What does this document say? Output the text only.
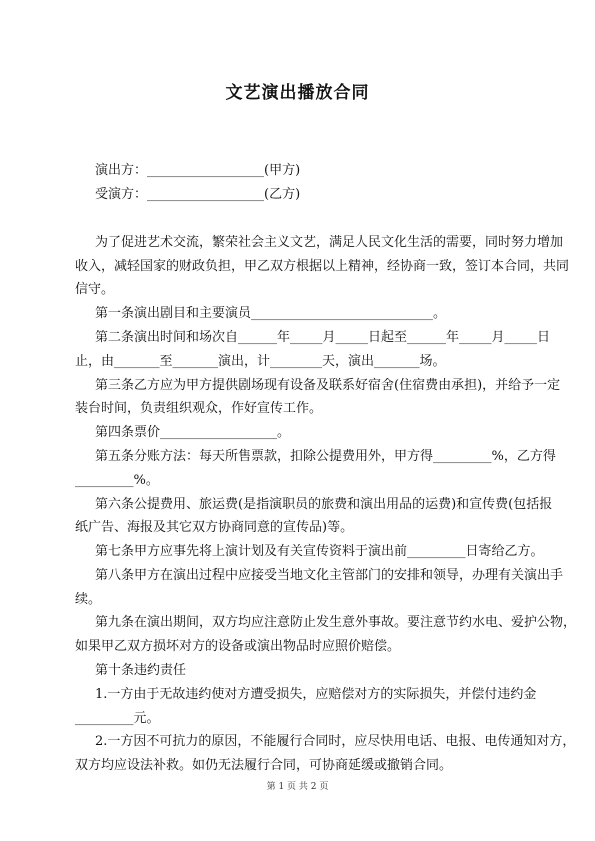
文艺演出播放合同
演出方：__________________(甲方)
受演方：__________________(乙方)
为了促进艺术交流，繁荣社会主义文艺，满足人民文化生活的需要，同时努力增加
收入，减轻国家的财政负担，甲乙双方根据以上精神，经协商一致，签订本合同，共同
信守。
第一条演出剧目和主要演员____________________________。
第二条演出时间和场次自______年_____月_____日起至______年_____月_____日
止，由_______至_______演出，计________天，演出_______场。
第三条乙方应为甲方提供剧场现有设备及联系好宿舍(住宿费由承担)，并给予一定
装台时间，负责组织观众，作好宣传工作。
第四条票价__________________。
第五条分账方法：每天所售票款，扣除公提费用外，甲方得_________%，乙方得
_________%。
第六条公提费用、旅运费(是指演职员的旅费和演出用品的运费)和宣传费(包括报
纸广告、海报及其它双方协商同意的宣传品)等。
第七条甲方应事先将上演计划及有关宣传资料于演出前_________日寄给乙方。
第八条甲方在演出过程中应接受当地文化主管部门的安排和领导，办理有关演出手
续。
第九条在演出期间，双方均应注意防止发生意外事故。要注意节约水电、爱护公物，
如果甲乙双方损坏对方的设备或演出物品时应照价赔偿。
第十条违约责任
1.一方由于无故违约使对方遭受损失，应赔偿对方的实际损失，并偿付违约金
_________元。
2.一方因不可抗力的原因，不能履行合同时，应尽快用电话、电报、电传通知对方，
双方均应设法补救。如仍无法履行合同，可协商延缓或撤销合同。
第 1 页 共 2 页
